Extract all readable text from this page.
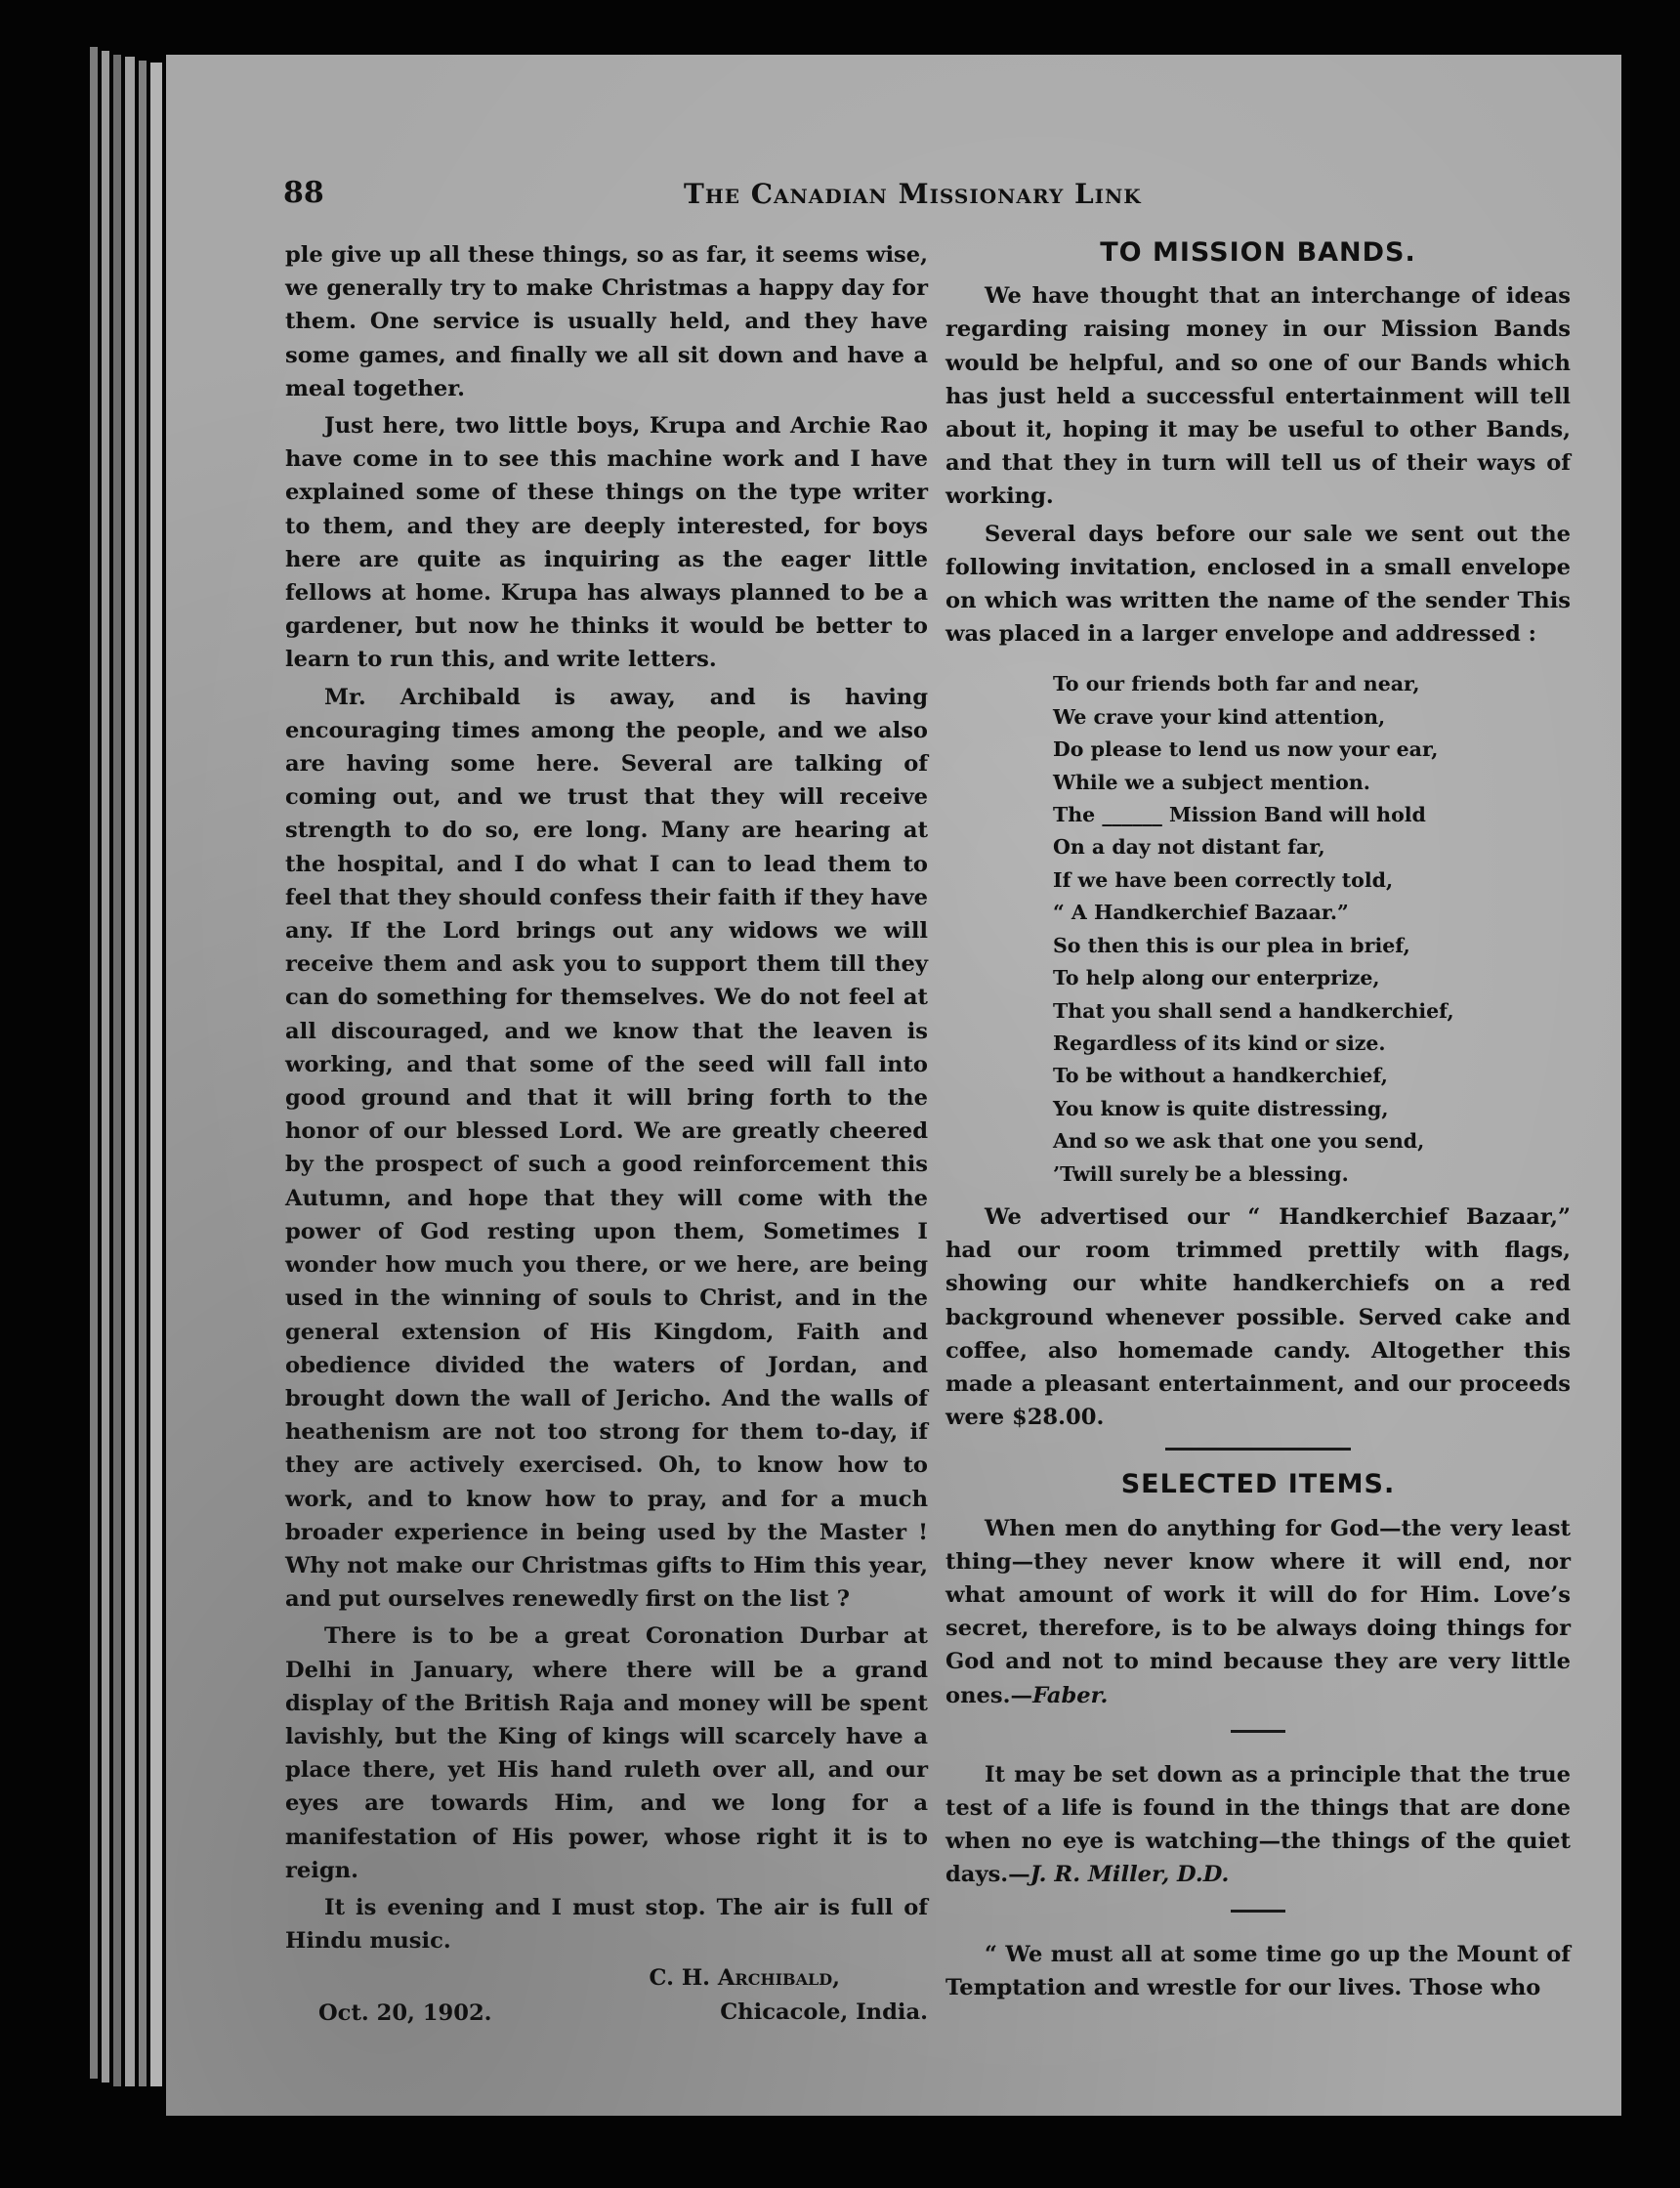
88	The Canadian Missionary Link

ple give up all these things, so as far, it seems wise, we generally try to make Christmas a happy day for them. One service is usually held, and they have some games, and finally we all sit down and have a meal together.

Just here, two little boys, Krupa and Archie Rao have come in to see this machine work and I have explained some of these things on the type writer to them, and they are deeply interested, for boys here are quite as inquiring as the eager little fellows at home. Krupa has always planned to be a gardener, but now he thinks it would be better to learn to run this, and write letters.

Mr. Archibald is away, and is having encouraging times among the people, and we also are having some here. Several are talking of coming out, and we trust that they will receive strength to do so, ere long. Many are hearing at the hospital, and I do what I can to lead them to feel that they should confess their faith if they have any. If the Lord brings out any widows we will receive them and ask you to support them till they can do something for themselves. We do not feel at all discouraged, and we know that the leaven is working, and that some of the seed will fall into good ground and that it will bring forth to the honor of our blessed Lord. We are greatly cheered by the prospect of such a good reinforcement this Autumn, and hope that they will come with the power of God resting upon them, Sometimes I wonder how much you there, or we here, are being used in the winning of souls to Christ, and in the general extension of His Kingdom, Faith and obedience divided the waters of Jordan, and brought down the wall of Jericho. And the walls of heathenism are not too strong for them to-day, if they are actively exercised. Oh, to know how to work, and to know how to pray, and for a much broader experience in being used by the Master ! Why not make our Christmas gifts to Him this year, and put ourselves renewedly first on the list ?

There is to be a great Coronation Durbar at Delhi in January, where there will be a grand display of the British Raja and money will be spent lavishly, but the King of kings will scarcely have a place there, yet His hand ruleth over all, and our eyes are towards Him, and we long for a manifestation of His power, whose right it is to reign.

It is evening and I must stop. The air is full of Hindu music.

C. H. Archibald,
Chicacole, India.
Oct. 20, 1902.
TO MISSION BANDS.

We have thought that an interchange of ideas regarding raising money in our Mission Bands would be helpful, and so one of our Bands which has just held a successful entertainment will tell about it, hoping it may be useful to other Bands, and that they in turn will tell us of their ways of working.

Several days before our sale we sent out the following invitation, enclosed in a small envelope on which was written the name of the sender This was placed in a larger envelope and addressed :

To our friends both far and near,
We crave your kind attention,
Do please to lend us now your ear,
While we a subject mention.
The ______ Mission Band will hold
On a day not distant far,
If we have been correctly told,
“ A Handkerchief Bazaar.”
So then this is our plea in brief,
To help along our enterprize,
That you shall send a handkerchief,
Regardless of its kind or size.
To be without a handkerchief,
You know is quite distressing,
And so we ask that one you send,
’Twill surely be a blessing.

We advertised our “ Handkerchief Bazaar,” had our room trimmed prettily with flags, showing our white handkerchiefs on a red background whenever possible. Served cake and coffee, also homemade candy. Altogether this made a pleasant entertainment, and our proceeds were $28.00.

SELECTED ITEMS.

When men do anything for God—the very least thing—they never know where it will end, nor what amount of work it will do for Him. Love’s secret, therefore, is to be always doing things for God and not to mind because they are very little ones.—Faber.

It may be set down as a principle that the true test of a life is found in the things that are done when no eye is watching—the things of the quiet days.—J. R. Miller, D.D.

“ We must all at some time go up the Mount of Temptation and wrestle for our lives. Those who
